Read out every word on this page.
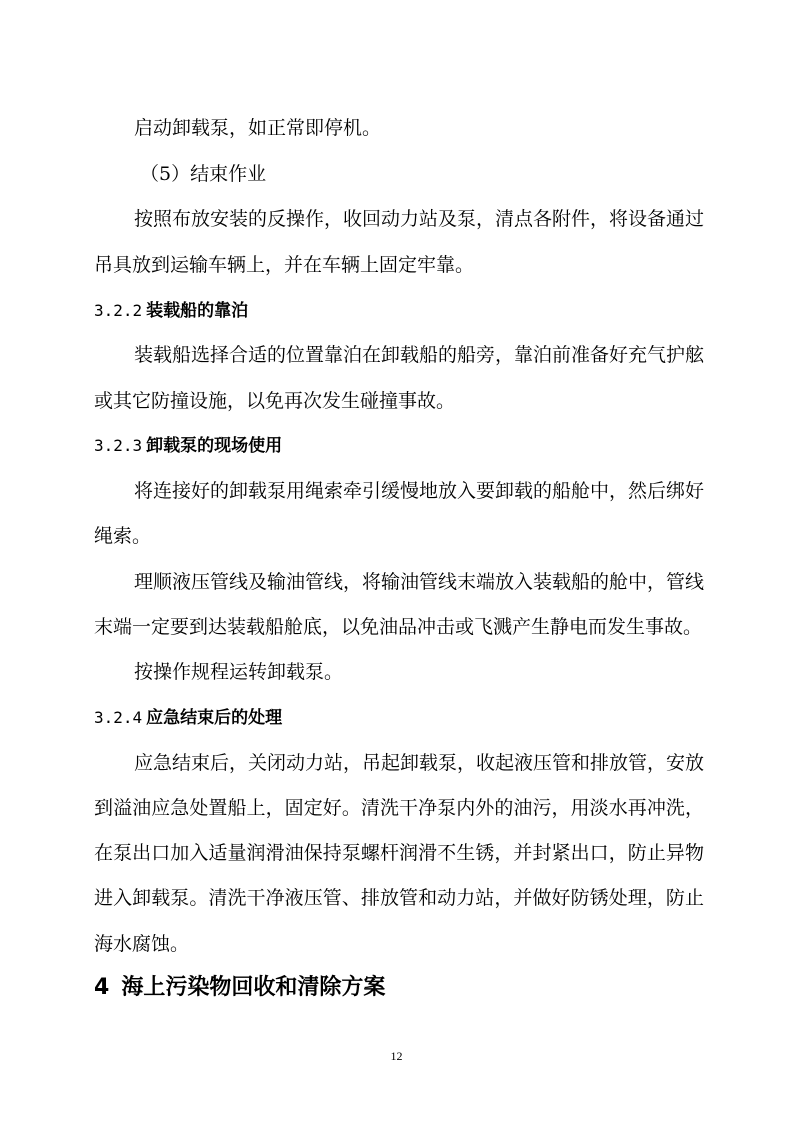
启动卸载泵，如正常即停机。
（5）结束作业
按照布放安装的反操作，收回动力站及泵，清点各附件，将设备通过
吊具放到运输车辆上，并在车辆上固定牢靠。
3.2.2 装载船的靠泊
装载船选择合适的位置靠泊在卸载船的船旁，靠泊前准备好充气护舷
或其它防撞设施，以免再次发生碰撞事故。
3.2.3 卸载泵的现场使用
将连接好的卸载泵用绳索牵引缓慢地放入要卸载的船舱中，然后绑好
绳索。
理顺液压管线及输油管线，将输油管线末端放入装载船的舱中，管线
末端一定要到达装载船舱底，以免油品冲击或飞溅产生静电而发生事故。
按操作规程运转卸载泵。
3.2.4 应急结束后的处理
应急结束后，关闭动力站，吊起卸载泵，收起液压管和排放管，安放
到溢油应急处置船上，固定好。清洗干净泵内外的油污，用淡水再冲洗，
在泵出口加入适量润滑油保持泵螺杆润滑不生锈，并封紧出口，防止异物
进入卸载泵。清洗干净液压管、排放管和动力站，并做好防锈处理，防止
海水腐蚀。
4 海上污染物回收和清除方案
12
